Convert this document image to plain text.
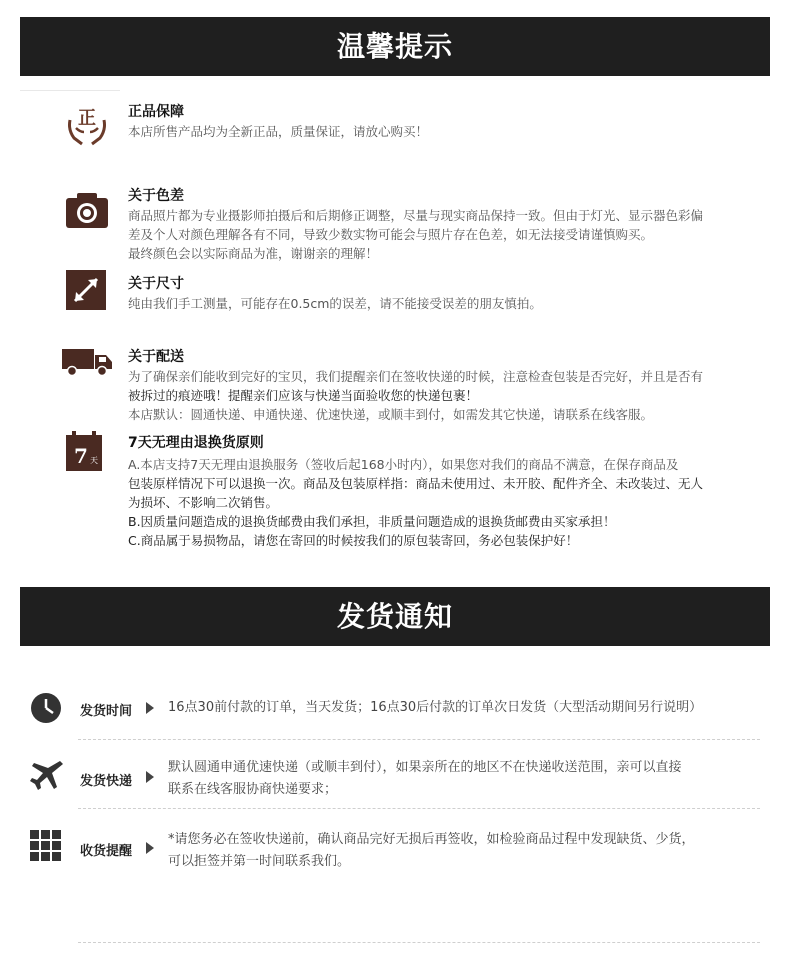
温馨提示
正 正品保障
本店所售产品均为全新正品，质量保证，请放心购买！
关于色差
商品照片都为专业摄影师拍摄后和后期修正调整，尽量与现实商品保持一致。但由于灯光、显示器色彩偏
差及个人对颜色理解各有不同，导致少数实物可能会与照片存在色差，如无法接受请谨慎购买。
最终颜色会以实际商品为准，谢谢亲的理解！
关于尺寸
纯由我们手工测量，可能存在0.5cm的误差，请不能接受误差的朋友慎拍。
关于配送
为了确保亲们能收到完好的宝贝，我们提醒亲们在签收快递的时候，注意检查包装是否完好，并且是否有
被拆过的痕迹哦！提醒亲们应该与快递当面验收您的快递包裹！
本店默认：圆通快递、申通快递、优速快递，或顺丰到付，如需发其它快递，请联系在线客服。
7 天
7天无理由退换货原则
A.本店支持7天无理由退换服务（签收后起168小时内），如果您对我们的商品不满意，在保存商品及
包装原样情况下可以退换一次。商品及包装原样指：商品未使用过、未开胶、配件齐全、未改装过、无人
为损坏、不影响二次销售。
B.因质量问题造成的退换货邮费由我们承担，非质量问题造成的退换货邮费由买家承担！
C.商品属于易损物品，请您在寄回的时候按我们的原包装寄回，务必包装保护好！
发货通知
发货时间	16点30前付款的订单，当天发货；16点30后付款的订单次日发货（大型活动期间另行说明）
发货快递
默认圆通申通优速快递（或顺丰到付），如果亲所在的地区不在快递收送范围，亲可以直接
联系在线客服协商快递要求；
收货提醒
*请您务必在签收快递前，确认商品完好无损后再签收，如检验商品过程中发现缺货、少货，
可以拒签并第一时间联系我们。
